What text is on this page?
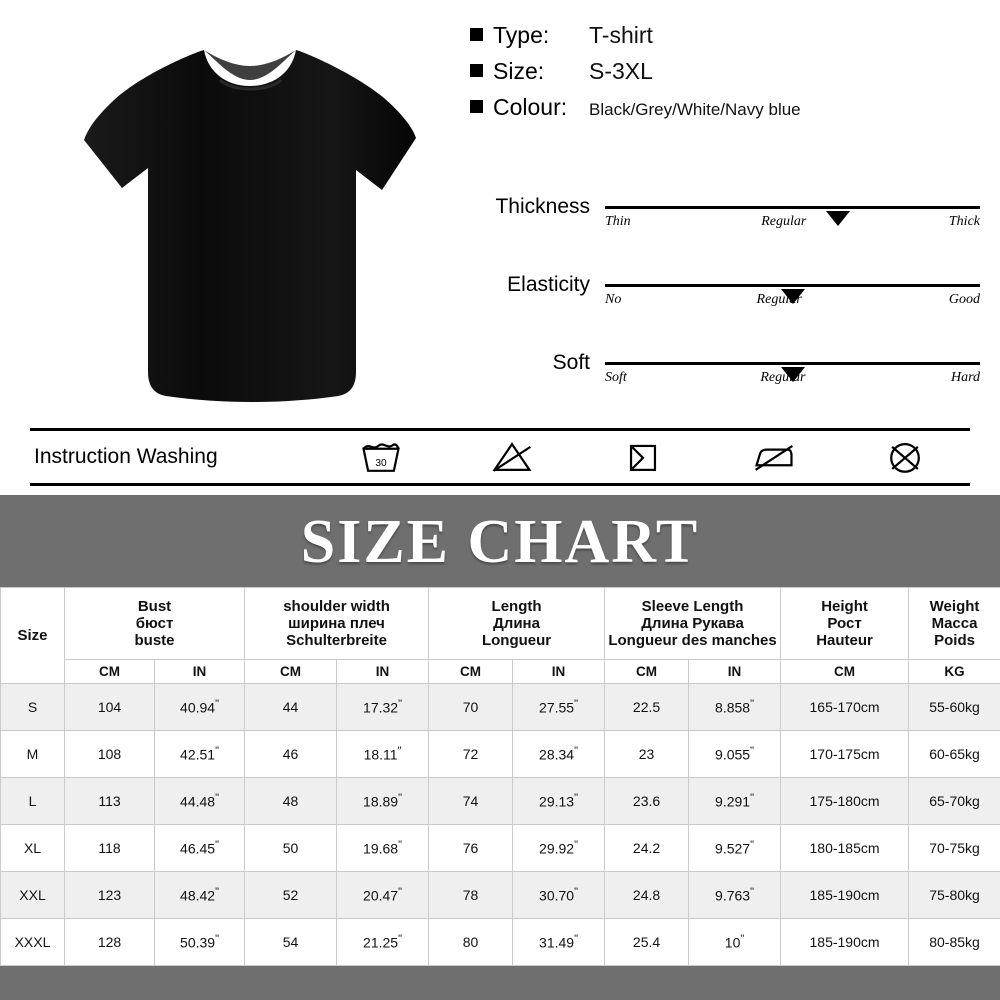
Type:	T-shirt
Size:	S-3XL
Colour:	Black/Grey/White/Navy blue
Thickness
Thin	Regular	Thick
Elasticity
No	Regular	Good
Soft
Soft	Regular	Hard
Instruction Washing	30
SIZE CHART
Size	
Bust
бюст
buste

shoulder width
ширина плеч
Schulterbreite

Length
Длина
Longueur

Sleeve Length
Длина Рукава
Longueur des manches

Height
Рост
Hauteur

Weight
Macca
Poids

	CM	IN	CM	IN	CM	IN	CM	IN	CM	KG
S	104	40.94"	44	17.32"	70	27.55"	22.5	8.858"	165-170cm	55-60kg
M	108	42.51"	46	18.11"	72	28.34"	23	9.055"	170-175cm	60-65kg
L	113	44.48"	48	18.89"	74	29.13"	23.6	9.291"	175-180cm	65-70kg
XL	118	46.45"	50	19.68"	76	29.92"	24.2	9.527"	180-185cm	70-75kg
XXL	123	48.42"	52	20.47"	78	30.70"	24.8	9.763"	185-190cm	75-80kg
XXXL	128	50.39"	54	21.25"	80	31.49"	25.4	10"	185-190cm	80-85kg
